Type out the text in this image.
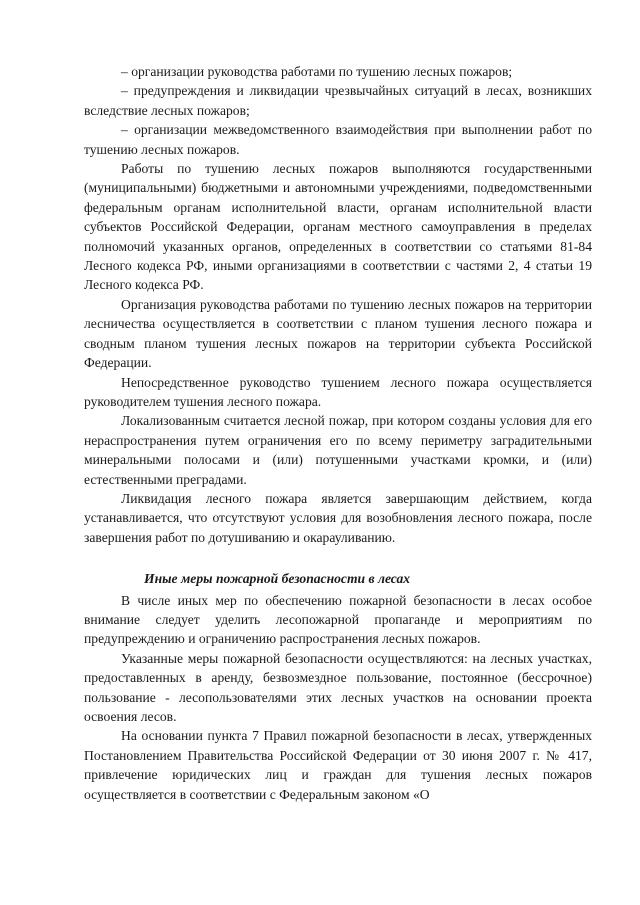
– организации руководства работами по тушению лесных пожаров;

– предупреждения и ликвидации чрезвычайных ситуаций в лесах, возникших вследствие лесных пожаров;

– организации межведомственного взаимодействия при выполнении работ по тушению лесных пожаров.

Работы по тушению лесных пожаров выполняются государственными (муниципальными) бюджетными и автономными учреждениями, подведомственными федеральным органам исполнительной власти, органам исполнительной власти субъектов Российской Федерации, органам местного самоуправления в пределах полномочий указанных органов, определенных в соответствии со статьями 81-84 Лесного кодекса РФ, иными организациями в соответствии с частями 2, 4 статьи 19 Лесного кодекса РФ.

Организация руководства работами по тушению лесных пожаров на территории лесничества осуществляется в соответствии с планом тушения лесного пожара и сводным планом тушения лесных пожаров на территории субъекта Российской Федерации.

Непосредственное руководство тушением лесного пожара осуществляется руководителем тушения лесного пожара.

Локализованным считается лесной пожар, при котором созданы условия для его нераспространения путем ограничения его по всему периметру заградительными минеральными полосами и (или) потушенными участками кромки, и (или) естественными преградами.

Ликвидация лесного пожара является завершающим действием, когда устанавливается, что отсутствуют условия для возобновления лесного пожара, после завершения работ по дотушиванию и окарауливанию.

Иные меры пожарной безопасности в лесах

В числе иных мер по обеспечению пожарной безопасности в лесах особое внимание следует уделить лесопожарной пропаганде и мероприятиям по предупреждению и ограничению распространения лесных пожаров.

Указанные меры пожарной безопасности осуществляются: на лесных участках, предоставленных в аренду, безвозмездное пользование, постоянное (бессрочное) пользование - лесопользователями этих лесных участков на основании проекта освоения лесов.

На основании пункта 7 Правил пожарной безопасности в лесах, утвержденных Постановлением Правительства Российской Федерации от 30 июня 2007 г. № 417, привлечение юридических лиц и граждан для тушения лесных пожаров осуществляется в соответствии с Федеральным законом «О
